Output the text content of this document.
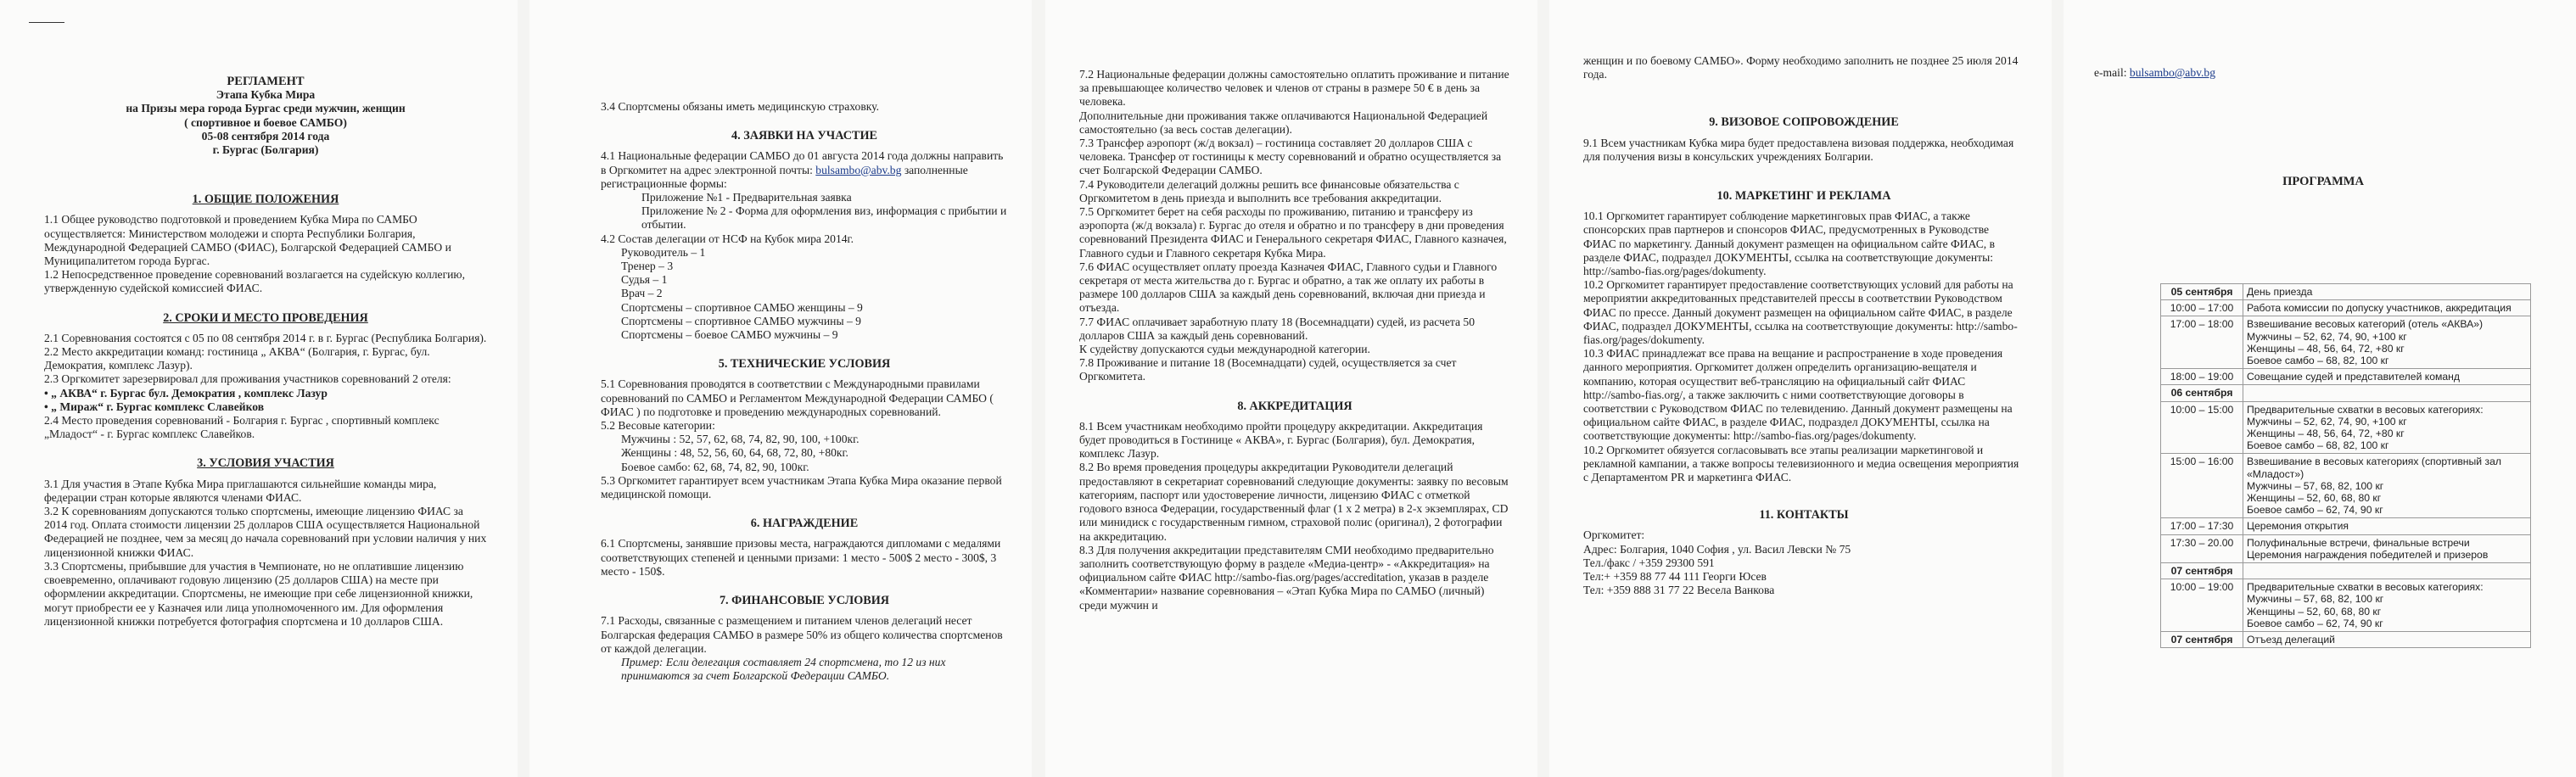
РЕГЛАМЕНТ

Этапа Кубка Мира

на Призы мера города Бургас среди мужчин, женщин

( спортивное и боевое САМБО)

05-08 сентября 2014 года

г. Бургас (Болгария)

1. ОБЩИЕ ПОЛОЖЕНИЯ

1.1 Общее руководство подготовкой и проведением Кубка Мира по САМБО осуществляется: Министерством молодежи и спорта Республики Болгария, Международной Федерацией САМБО (ФИАС), Болгарской Федерацией САМБО и Муниципалитетом города Бургас.

1.2 Непосредственное проведение соревнований возлагается на судейскую коллегию, утвержденную судейской комиссией ФИАС.

2. СРОКИ И МЕСТО ПРОВЕДЕНИЯ

2.1 Соревнования состоятся с 05 по 08 сентября 2014 г. в г. Бургас (Республика Болгария).

2.2 Место аккредитации команд: гостиница „ АКВА“ (Болгария, г. Бургас, бул. Демократия, комплекс Лазур).

2.3 Оргкомитет зарезервировал для проживания участников соревнований 2 отеля:

• „ АКВА“ г. Бургас бул. Демократия , комплекс Лазур

• „ Мираж“ г. Бургас комплекс Славейков

2.4 Место проведения соревнований - Болгария г. Бургас , спортивный комплекс „Младост“ - г. Бургас комплекс Славейков.

3. УСЛОВИЯ УЧАСТИЯ

3.1 Для участия в Этапе Кубка Мира приглашаются сильнейшие команды мира, федерации стран которые являются членами ФИАС.

3.2 К соревнованиям допускаются только спортсмены, имеющие лицензию ФИАС за 2014 год. Оплата стоимости лицензии 25 долларов США осуществляется Национальной Федерацией не позднее, чем за месяц до начала соревнований при условии наличия у них лицензионной книжки ФИАС.

3.3 Спортсмены, прибывшие для участия в Чемпионате, но не оплатившие лицензию своевременно, оплачивают годовую лицензию (25 долларов США) на месте при оформлении аккредитации. Спортсмены, не имеющие при себе лицензионной книжки, могут приобрести ее у Казначея или лица уполномоченного им. Для оформления лицензионной книжки потребуется фотография спортсмена и 10 долларов США.

3.4 Спортсмены обязаны иметь медицинскую страховку.

4. ЗАЯВКИ НА УЧАСТИЕ

4.1 Национальные федерации САМБО до 01 августа 2014 года должны направить в Оргкомитет на адрес электронной почты: bulsambo@abv.bg заполненные регистрационные формы:

Приложение №1 - Предварительная заявка

Приложение № 2 - Форма для оформления виз, информация с прибытии и отбытии.

4.2 Состав делегации от НСФ на Кубок мира 2014г.

Руководитель – 1

Тренер – 3

Судья – 1

Врач – 2

Спортсмены – спортивное САМБО женщины – 9

Спортсмены – спортивное САМБО мужчины – 9

Спортсмены – боевое САМБО мужчины – 9

5. ТЕХНИЧЕСКИЕ УСЛОВИЯ

5.1 Соревнования проводятся в соответствии с Международными правилами соревнований по САМБО и Регламентом Международной Федерации САМБО ( ФИАС ) по подготовке и проведению международных соревнований.

5.2 Весовые категории:

Мужчины : 52, 57, 62, 68, 74, 82, 90, 100, +100кг.

Женщины : 48, 52, 56, 60, 64, 68, 72, 80, +80кг.

Боевое самбо: 62, 68, 74, 82, 90, 100кг.

5.3 Оргкомитет гарантирует всем участникам Этапа Кубка Мира оказание первой медицинской помощи.

6. НАГРАЖДЕНИЕ

6.1 Спортсмены, занявшие призовы места, награждаются дипломами с медалями соответствующих степеней и ценными призами: 1 место - 500$ 2 место - 300$, 3 место - 150$.

7. ФИНАНСОВЫЕ УСЛОВИЯ

7.1 Расходы, связанные с размещением и питанием членов делегаций несет Болгарская федерация САМБО в размере 50% из общего количества спортсменов от каждой делегации.

Пример: Если делегация составляет 24 спортсмена, то 12 из них принимаются за счет Болгарской Федерации САМБО.

7.2 Национальные федерации должны самостоятельно оплатить проживание и питание за превышающее количество человек и членов от страны в размере 50 € в день за человека.

Дополнительные дни проживания также оплачиваются Национальной Федерацией самостоятельно (за весь состав делегации).

7.3 Трансфер аэропорт (ж/д вокзал) – гостиница составляет 20 долларов США с человека. Трансфер от гостиницы к месту соревнований и обратно осуществляется за счет Болгарской Федерации САМБО.

7.4 Руководители делегаций должны решить все финансовые обязательства с Оргкомитетом в день приезда и выполнить все требования аккредитации.

7.5 Оргкомитет берет на себя расходы по проживанию, питанию и трансферу из аэропорта (ж/д вокзала) г. Бургас до отеля и обратно и по трансферу в дни проведения соревнований Президента ФИАС и Генерального секретаря ФИАС, Главного казначея, Главного судьи и Главного секретаря Кубка Мира.

7.6 ФИАС осуществляет оплату проезда Казначея ФИАС, Главного судьи и Главного секретаря от места жительства до г. Бургас и обратно, а так же оплату их работы в размере 100 долларов США за каждый день соревнований, включая дни приезда и отъезда.

7.7 ФИАС оплачивает заработную плату 18 (Восемнадцати) судей, из расчета 50 долларов США за каждый день соревнований.

К судейству допускаются судьи международной категории.

7.8 Проживание и питание 18 (Восемнадцати) судей, осуществляется за счет Оргкомитета.

8. АККРЕДИТАЦИЯ

8.1 Всем участникам необходимо пройти процедуру аккредитации. Аккредитация будет проводиться в Гостинице « АКВА», г. Бургас (Болгария), бул. Демократия, комплекс Лазур.

8.2 Во время проведения процедуры аккредитации Руководители делегаций предоставляют в секретариат соревнований следующие документы: заявку по весовым категориям, паспорт или удостоверение личности, лицензию ФИАС с отметкой годового взноса Федерации, государственный флаг (1 х 2 метра) в 2-х экземплярах, CD или минидиск с государственным гимном, страховой полис (оригинал), 2 фотографии на аккредитацию.

8.3 Для получения аккредитации представителям СМИ необходимо предварительно заполнить соответствующую форму в разделе «Медиа-центр» - «Аккредитация» на официальном сайте ФИАС http://sambo-fias.org/pages/accreditation, указав в разделе «Комментарии» название соревнования – «Этап Кубка Мира по САМБО (личный) среди мужчин и

женщин и по боевому САМБО». Форму необходимо заполнить не позднее 25 июля 2014 года.

9. ВИЗОВОЕ СОПРОВОЖДЕНИЕ

9.1 Всем участникам Кубка мира будет предоставлена визовая поддержка, необходимая для получения визы в консульских учреждениях Болгарии.

10. МАРКЕТИНГ И РЕКЛАМА

10.1 Оргкомитет гарантирует соблюдение маркетинговых прав ФИАС, а также спонсорских прав партнеров и спонсоров ФИАС, предусмотренных в Руководстве ФИАС по маркетингу. Данный документ размещен на официальном сайте ФИАС, в разделе ФИАС, подраздел ДОКУМЕНТЫ, ссылка на соответствующие документы: http://sambo-fias.org/pages/dokumenty.

10.2 Оргкомитет гарантирует предоставление соответствующих условий для работы на мероприятии аккредитованных представителей прессы в соответствии Руководством ФИАС по прессе. Данный документ размещен на официальном сайте ФИАС, в разделе ФИАС, подраздел ДОКУМЕНТЫ, ссылка на соответствующие документы: http://sambo-fias.org/pages/dokumenty.

10.3 ФИАС принадлежат все права на вещание и распространение в ходе проведения данного мероприятия. Оргкомитет должен определить организацию-вещателя и компанию, которая осуществит веб-трансляцию на официальный сайт ФИАС http://sambo-fias.org/, а также заключить с ними соответствующие договоры в соответствии с Руководством ФИАС по телевидению. Данный документ размещены на официальном сайте ФИАС, в разделе ФИАС, подраздел ДОКУМЕНТЫ, ссылка на соответствующие документы: http://sambo-fias.org/pages/dokumenty.

10.2 Оргкомитет обязуется согласовывать все этапы реализации маркетинговой и рекламной кампании, а также вопросы телевизионного и медиа освещения мероприятия с Департаментом PR и маркетинга ФИАС.

11. КОНТАКТЫ

Оргкомитет:

Адрес: Болгария, 1040 София , ул. Васил Левски № 75

Тел./факс / +359 29300 591

Тел:+ +359 88 77 44 111 Георги Юсев

Тел: +359 888 31 77 22 Весела Ванкова

e-mail: bulsambo@abv.bg

ПРОГРАММА

05 сентября	День приезда
10:00 – 17:00	Работа комиссии по допуску участников, аккредитация
17:00 – 18:00	Взвешивание весовых категорий (отель «АКВА»)
Мужчины – 52, 62, 74, 90, +100 кг
Женщины – 48, 56, 64, 72, +80 кг
Боевое самбо – 68, 82, 100 кг
18:00 – 19:00	Совещание судей и представителей команд
06 сентября	
10:00 – 15:00	Предварительные схватки в весовых категориях:
Мужчины – 52, 62, 74, 90, +100 кг
Женщины – 48, 56, 64, 72, +80 кг
Боевое самбо – 68, 82, 100 кг
15:00 – 16:00	Взвешивание в весовых категориях (спортивный зал «Младост»)
Мужчины – 57, 68, 82, 100 кг
Женщины – 52, 60, 68, 80 кг
Боевое самбо – 62, 74, 90 кг
17:00 – 17:30	Церемония открытия
17:30 – 20.00	Полуфинальные встречи, финальные встречи
Церемония награждения победителей и призеров
07 сентября	
10:00 – 19:00	Предварительные схватки в весовых категориях:
Мужчины – 57, 68, 82, 100 кг
Женщины – 52, 60, 68, 80 кг
Боевое самбо – 62, 74, 90 кг
07 сентября	Отъезд делегаций
